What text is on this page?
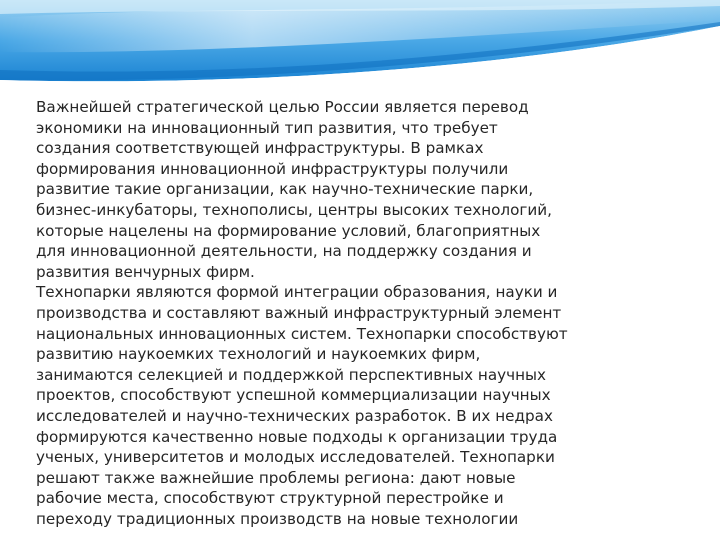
Важнейшей стратегической целью России является перевод
экономики на инновационный тип развития, что требует
создания соответствующей инфраструктуры. В рамках
формирования инновационной инфраструктуры получили
развитие такие организации, как научно-технические парки,
бизнес-инкубаторы, технополисы, центры высоких технологий,
которые нацелены на формирование условий, благоприятных
для инновационной деятельности, на поддержку создания и
развития венчурных фирм.
Технопарки являются формой интеграции образования, науки и
производства и составляют важный инфраструктурный элемент
национальных инновационных систем. Технопарки способствуют
развитию наукоемких технологий и наукоемких фирм,
занимаются селекцией и поддержкой перспективных научных
проектов, способствуют успешной коммерциализации научных
исследователей и научно-технических разработок. В их недрах
формируются качественно новые подходы к организации труда
ученых, университетов и молодых исследователей. Технопарки
решают также важнейшие проблемы региона: дают новые
рабочие места, способствуют структурной перестройке и
переходу традиционных производств на новые технологии
